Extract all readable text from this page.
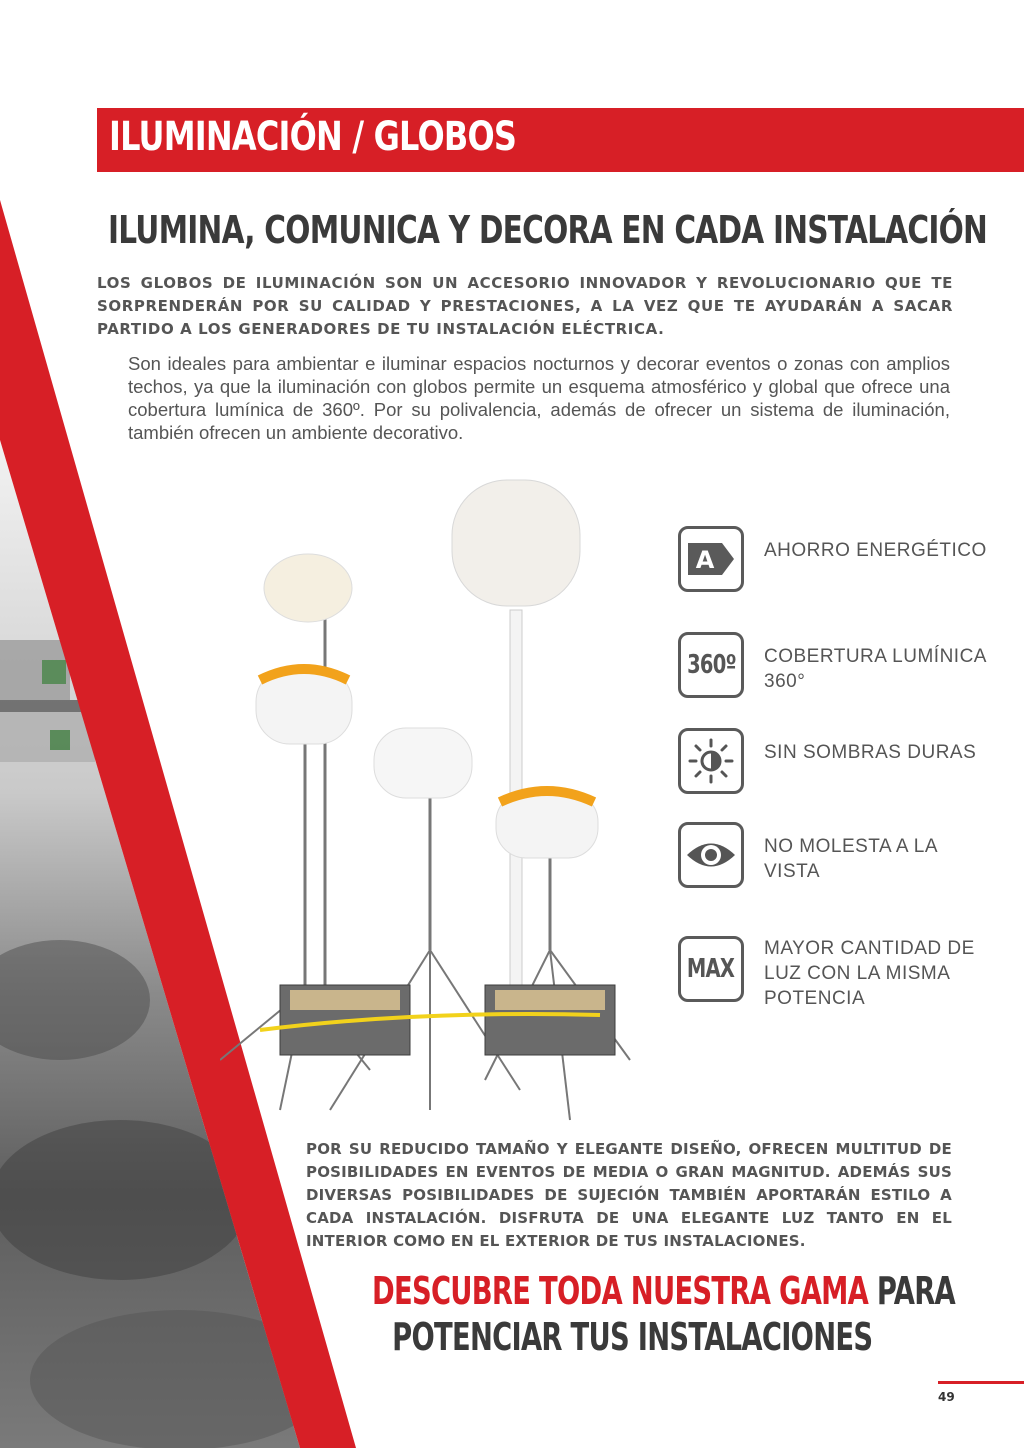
ILUMINACIÓN / GLOBOS
ILUMINA, COMUNICA Y DECORA EN CADA INSTALACIÓN

LOS GLOBOS DE ILUMINACIÓN SON UN ACCESORIO INNOVADOR Y REVOLUCIONARIO QUE TE SORPRENDERÁN POR SU CALIDAD Y PRESTACIONES, A LA VEZ QUE TE AYUDARÁN A SACAR PARTIDO A LOS GENERADORES DE TU INSTALACIÓN ELÉCTRICA.

Son ideales para ambientar e iluminar espacios nocturnos y decorar eventos o zonas con amplios techos, ya que la iluminación con globos permite un esquema atmosférico y global que ofrece una cobertura lumínica de 360º. Por su polivalencia, además de ofrecer un sistema de iluminación, también ofrecen un ambiente decorativo.

A	AHORRO ENERGÉTICO
360º COBERTURA LUMÍNICA 360°
SIN SOMBRAS DURAS
NO MOLESTA A LA VISTA
MAX
MAYOR CANTIDAD DE LUZ CON LA MISMA POTENCIA

POR SU REDUCIDO TAMAÑO Y ELEGANTE DISEÑO, OFRECEN MULTITUD DE POSIBILIDADES EN EVENTOS DE MEDIA O GRAN MAGNITUD. ADEMÁS SUS DIVERSAS POSIBILIDADES DE SUJECIÓN TAMBIÉN APORTARÁN ESTILO A CADA INSTALACIÓN. DISFRUTA DE UNA ELEGANTE LUZ TANTO EN EL INTERIOR COMO EN EL EXTERIOR DE TUS INSTALACIONES.

DESCUBRE TODA NUESTRA GAMA PARA
POTENCIAR TUS INSTALACIONES
49
